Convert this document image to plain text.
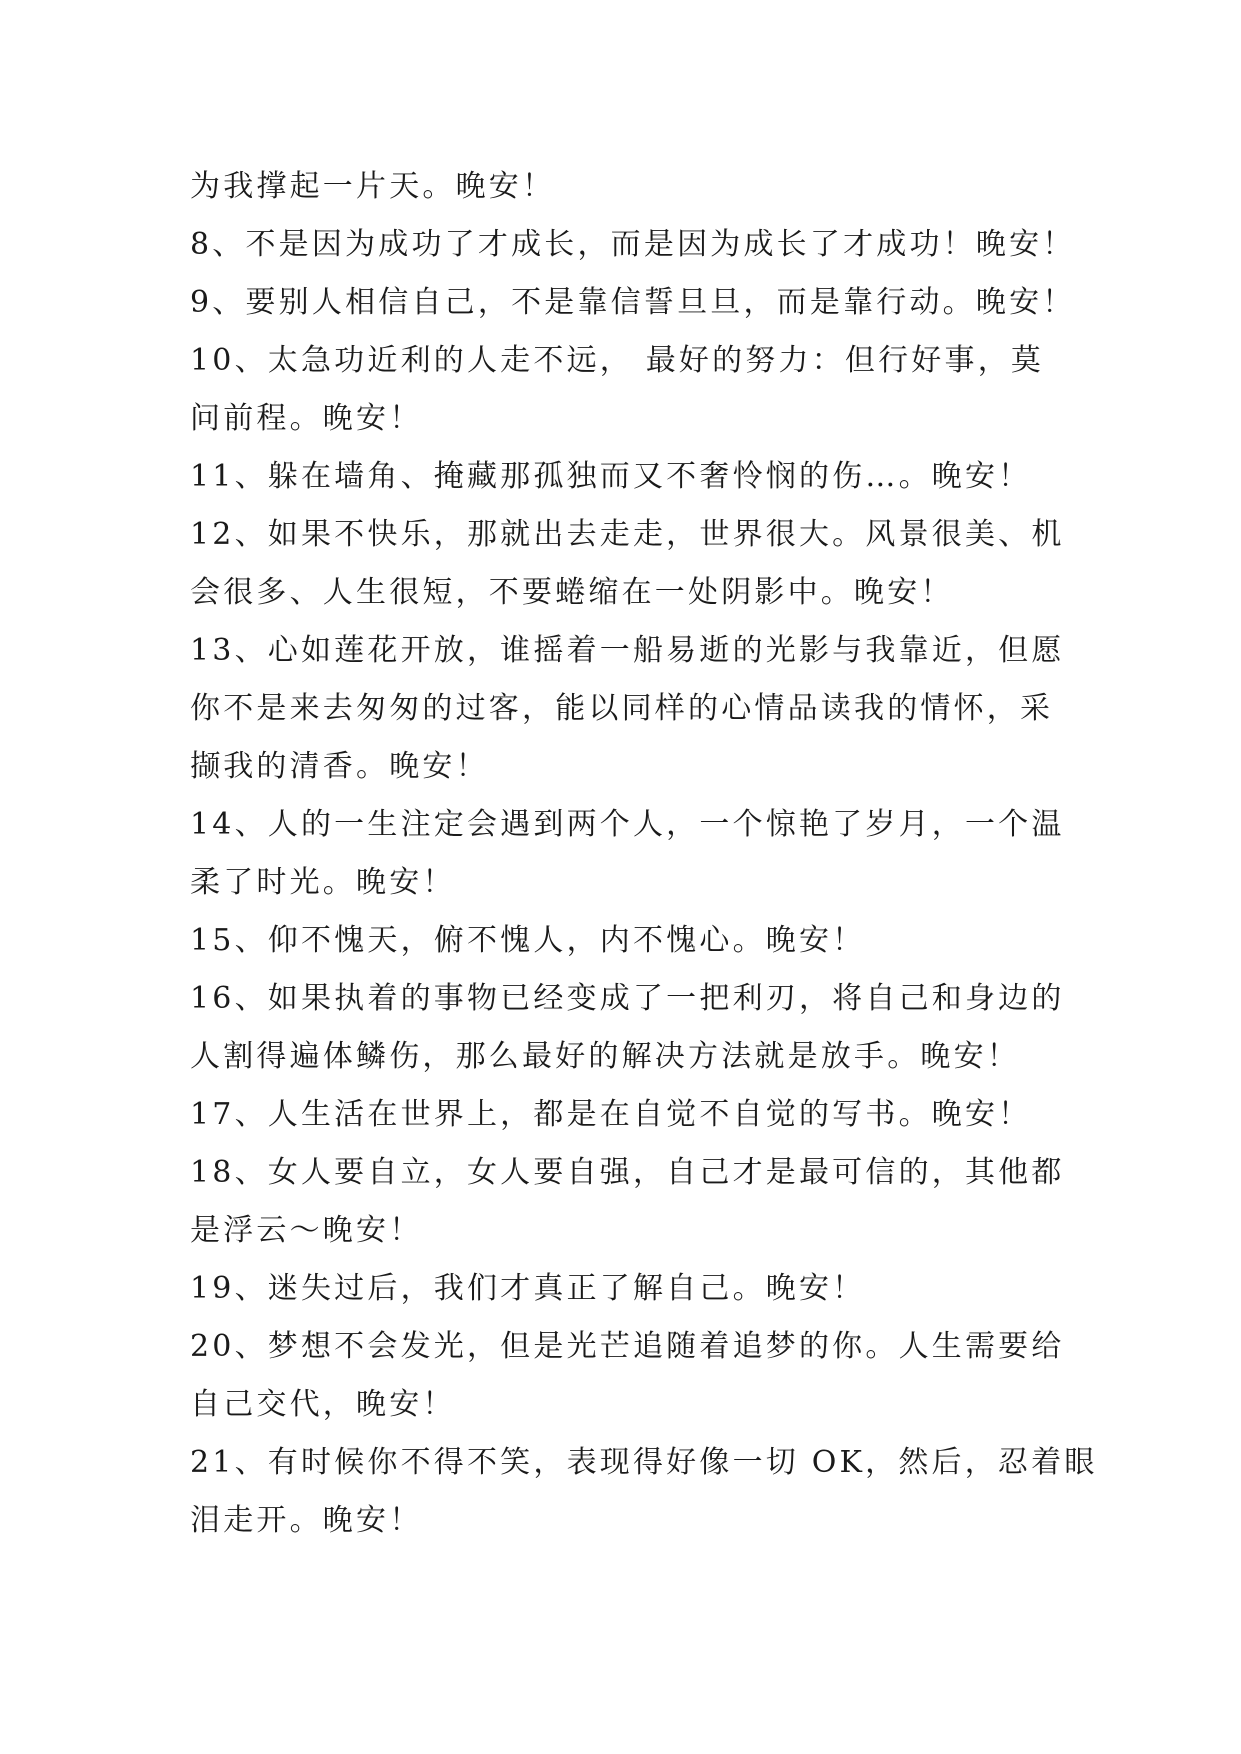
为我撑起一片天。晚安！
8、不是因为成功了才成长，而是因为成长了才成功！晚安！
9、要别人相信自己，不是靠信誓旦旦，而是靠行动。晚安！
10、太急功近利的人走不远， 最好的努力：但行好事，莫
问前程。晚安！
11、躲在墙角、掩藏那孤独而又不奢怜悯的伤…。晚安！
12、如果不快乐，那就出去走走，世界很大。风景很美、机
会很多、人生很短，不要蜷缩在一处阴影中。晚安！
13、心如莲花开放，谁摇着一船易逝的光影与我靠近，但愿
你不是来去匆匆的过客，能以同样的心情品读我的情怀，采
撷我的清香。晚安！
14、人的一生注定会遇到两个人，一个惊艳了岁月，一个温
柔了时光。晚安！
15、仰不愧天，俯不愧人，内不愧心。晚安！
16、如果执着的事物已经变成了一把利刃，将自己和身边的
人割得遍体鳞伤，那么最好的解决方法就是放手。晚安！
17、人生活在世界上，都是在自觉不自觉的写书。晚安！
18、女人要自立，女人要自强，自己才是最可信的，其他都
是浮云～晚安！
19、迷失过后，我们才真正了解自己。晚安！
20、梦想不会发光，但是光芒追随着追梦的你。人生需要给
自己交代，晚安！
21、有时候你不得不笑，表现得好像一切 OK，然后，忍着眼
泪走开。晚安！
